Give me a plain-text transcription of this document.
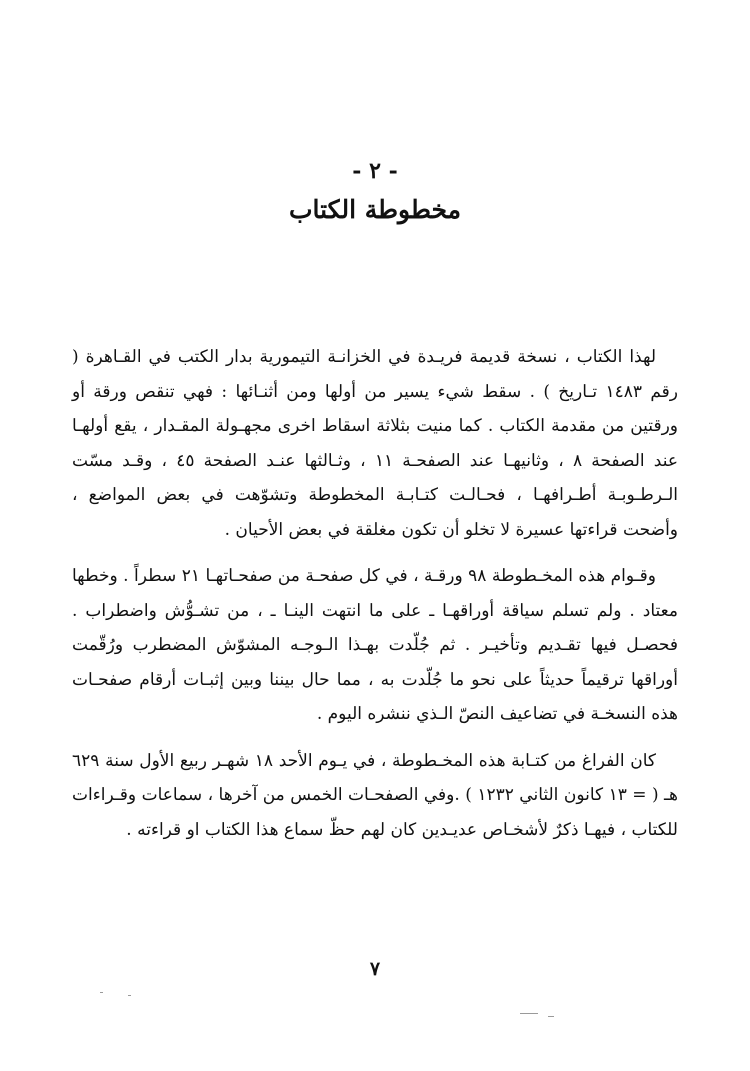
- ٢ -

مخطوطة الكتاب

لهذا الكتاب ، نسخة قديمة فريـدة في الخزانـة التيمورية بدار الكتب في القـاهرة ( رقم ١٤٨٣ تـاريخ ) . سقط شيء يسير من أولها ومن أثنـائها : فهي تنقص ورقة أو ورقتين من مقدمة الكتاب . كما منيت بثلاثة اسقاط اخرى مجهـولة المقـدار ، يقع أولهـا عند الصفحة ٨ ، وثانيهـا عند الصفحـة ١١ ، وثـالثها عنـد الصفحة ٤٥ ، وقـد مسّت الـرطـوبـة أطـرافهـا ، فحـالـت كتـابـة المخطوطة وتشوّهت في بعض المواضع ، وأضحت قراءتها عسيرة لا تخلو أن تكون مغلقة في بعض الأحيان .

وقـوام هذه المخـطوطة ٩٨ ورقـة ، في كل صفحـة من صفحـاتهـا ٢١ سطراً . وخطها معتاد . ولم تسلم سياقة أوراقهـا ـ على ما انتهت الينـا ـ ، من تشـوُّش واضطراب . فحصـل فيها تقـديم وتأخيـر . ثم جُلّدت بهـذا الـوجـه المشوّش المضطرب ورُقّمت أوراقها ترقيماً حديثاً على نحو ما جُلّدت به ، مما حال بيننا وبين إثبـات أرقام صفحـات هذه النسخـة في تضاعيف النصّ الـذي ننشره اليوم .

كان الفراغ من كتـابة هذه المخـطوطة ، في يـوم الأحد ١٨ شهـر ربيع الأول سنة ٦٢٩ هـ ( = ١٣ كانون الثاني ١٢٣٢ ) .وفي الصفحـات الخمس من آخرها ، سماعات وقـراءات للكتاب ، فيهـا ذكرٌ لأشخـاص عديـدين كان لهم حظّ سماع هذا الكتاب او قراءته .

٧
